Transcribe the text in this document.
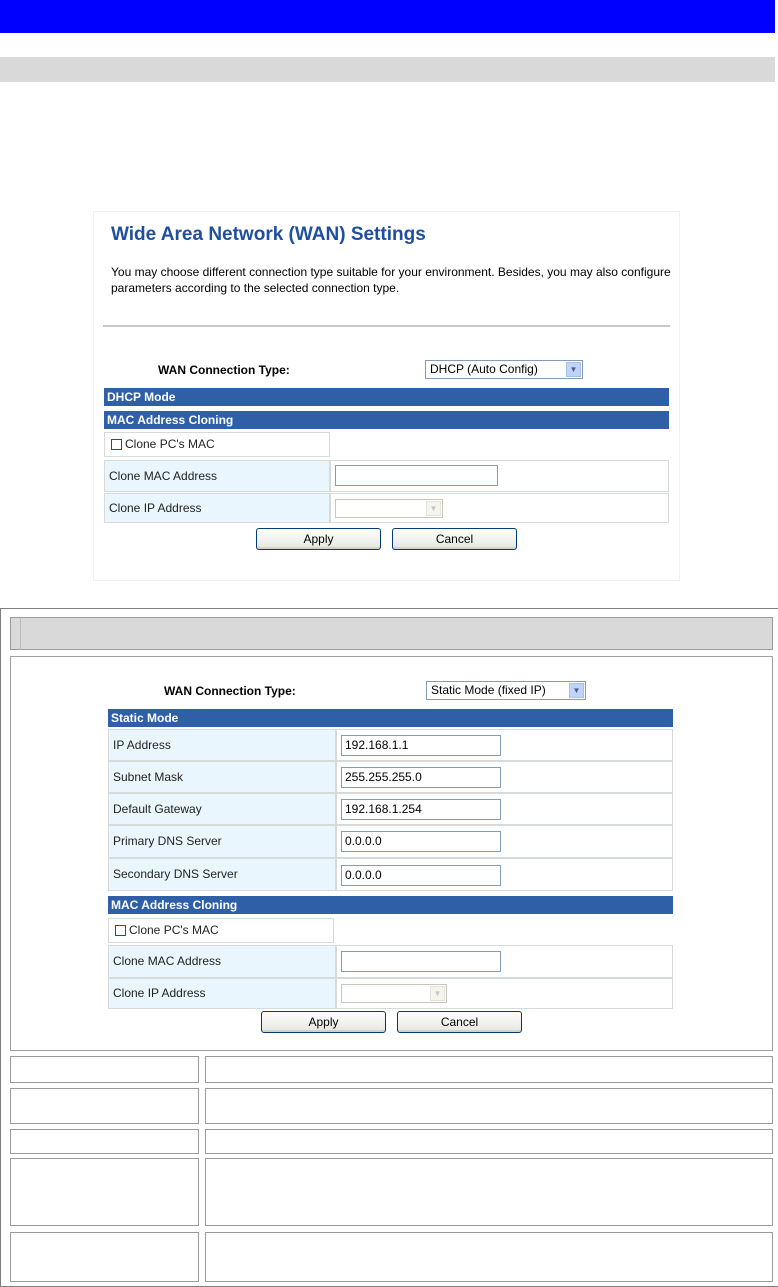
Wide Area Network (WAN) Settings
You may choose different connection type suitable for your environment. Besides, you may also configure parameters according to the selected connection type.
WAN Connection Type:	DHCP (Auto Config)	▼
DHCP Mode
MAC Address Cloning
Clone PC's MAC
Clone MAC Address
Clone IP Address	▼
Apply	Cancel
WAN Connection Type:	Static Mode (fixed IP)	▼
Static Mode
IP Address	192.168.1.1
Subnet Mask	255.255.255.0
Default Gateway	192.168.1.254
Primary DNS Server	0.0.0.0
Secondary DNS Server	0.0.0.0
MAC Address Cloning
Clone PC's MAC
Clone MAC Address
Clone IP Address	▼
Apply	Cancel
